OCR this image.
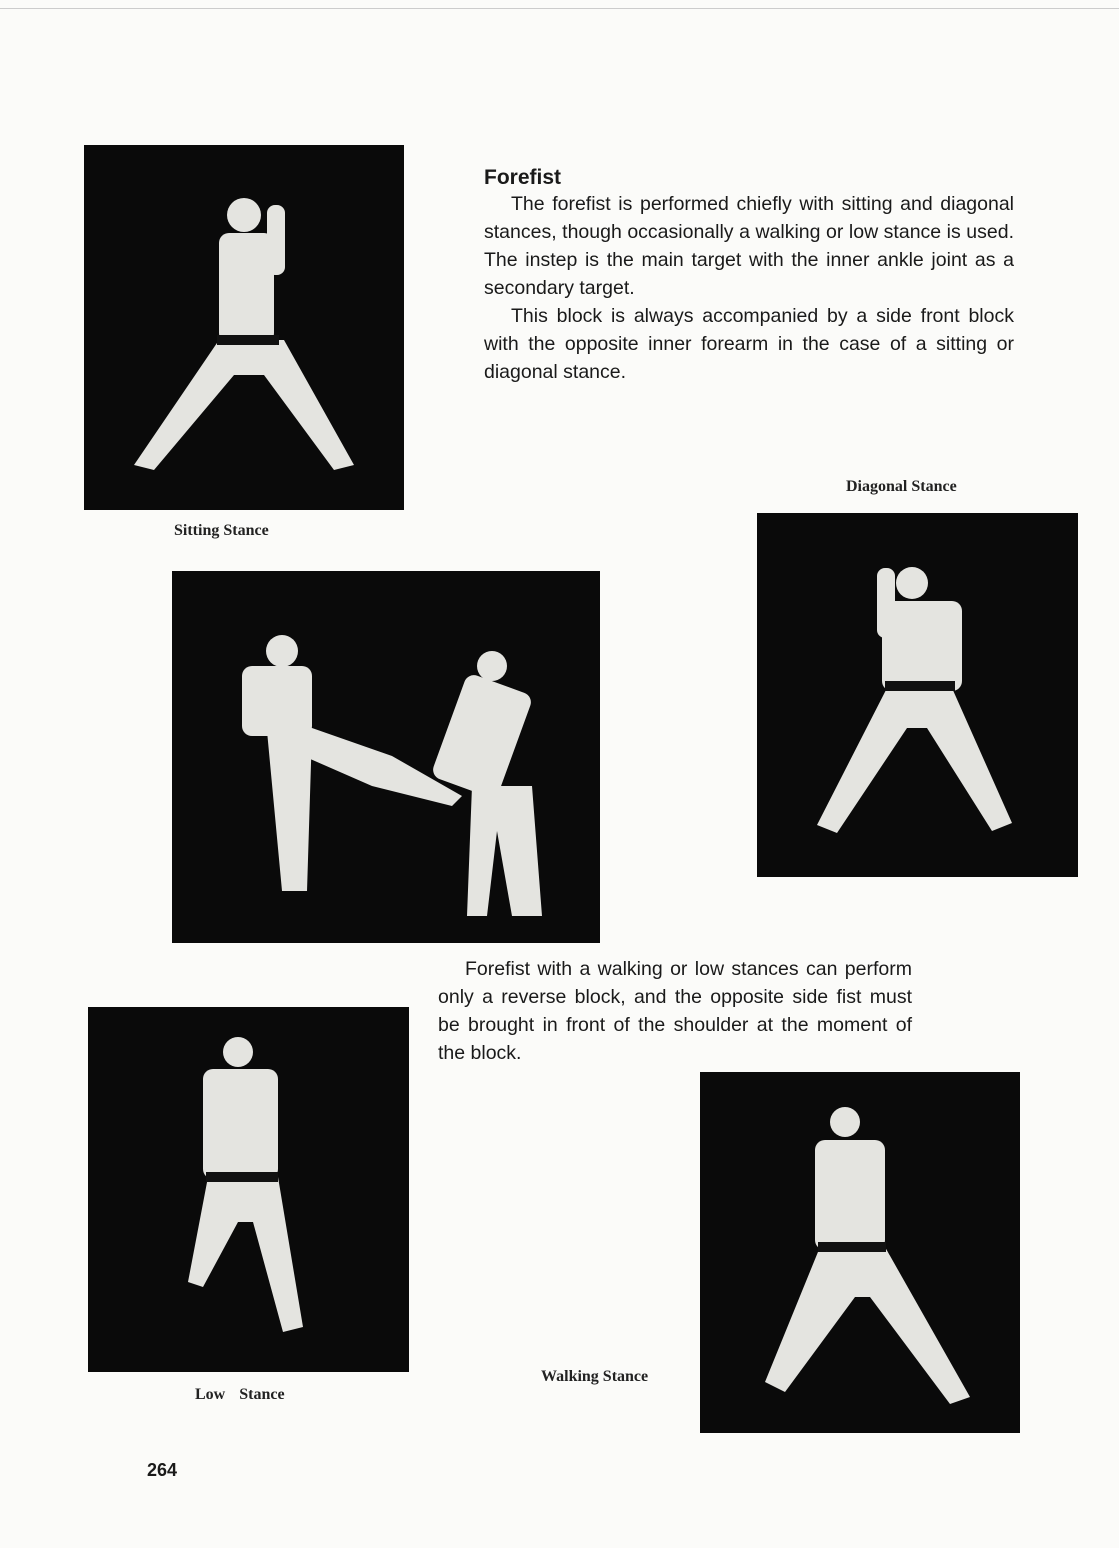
Sitting Stance
Forefist

The forefist is performed chiefly with sitting and diagonal stances, though occasionally a walking or low stance is used. The instep is the main target with the inner ankle joint as a secondary target.

This block is always accompanied by a side front block with the opposite inner forearm in the case of a sitting or diagonal stance.

Diagonal Stance

Forefist with a walking or low stances can perform only a reverse block, and the opposite side fist must be brought in front of the shoulder at the moment of the block.

Low Stance
Walking Stance
264
